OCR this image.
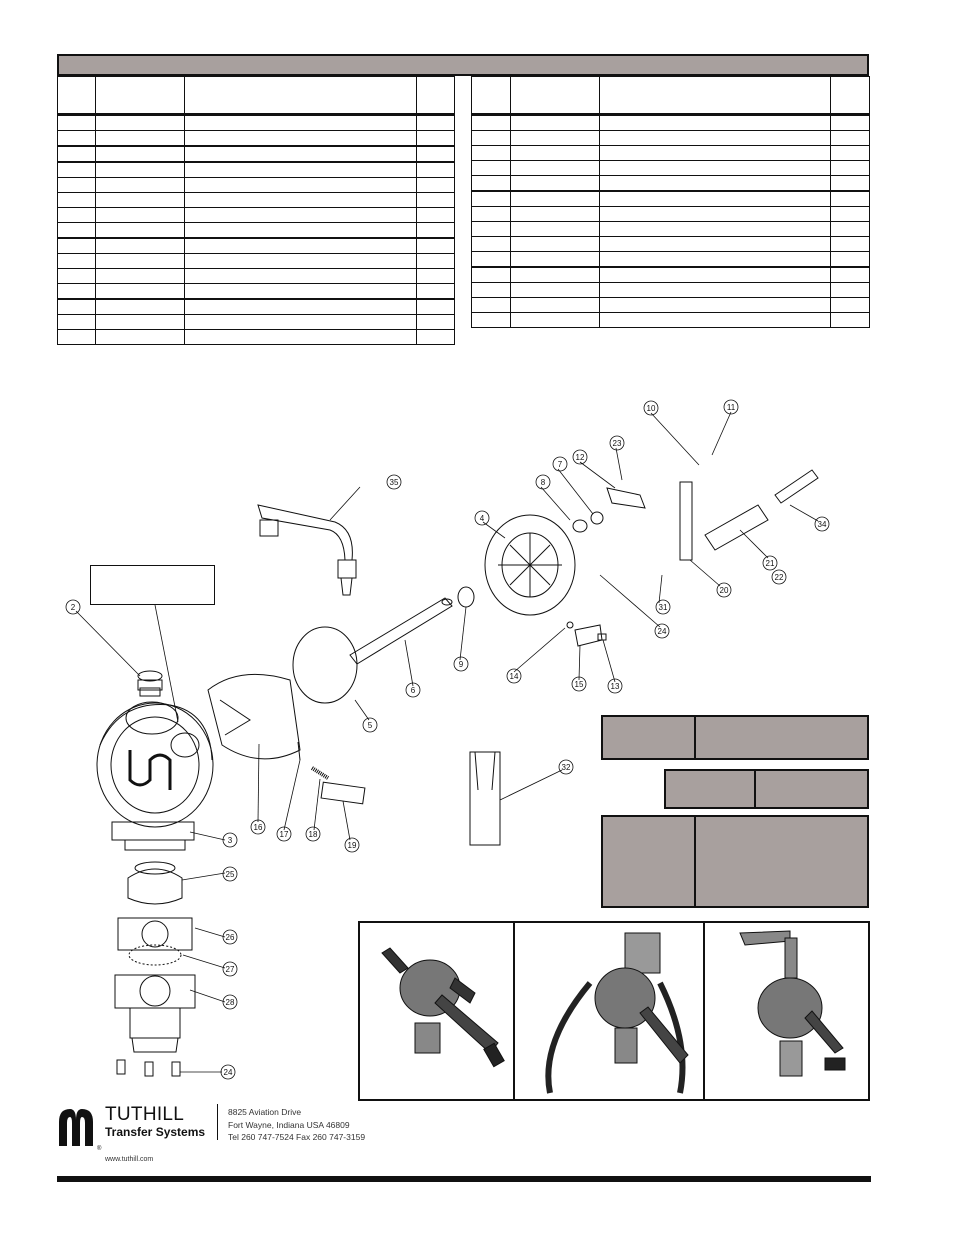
2
3
4
5
6
7
8
9
10	11
12
13
14
15
16
17	18
19
20
21
22
23
24
24
25
26
27
28
31
32
34
35
TUTHILL
Transfer Systems
®
8825 Aviation Drive
Fort Wayne, Indiana USA 46809
Tel 260 747-7524 Fax 260 747-3159
www.tuthill.com
